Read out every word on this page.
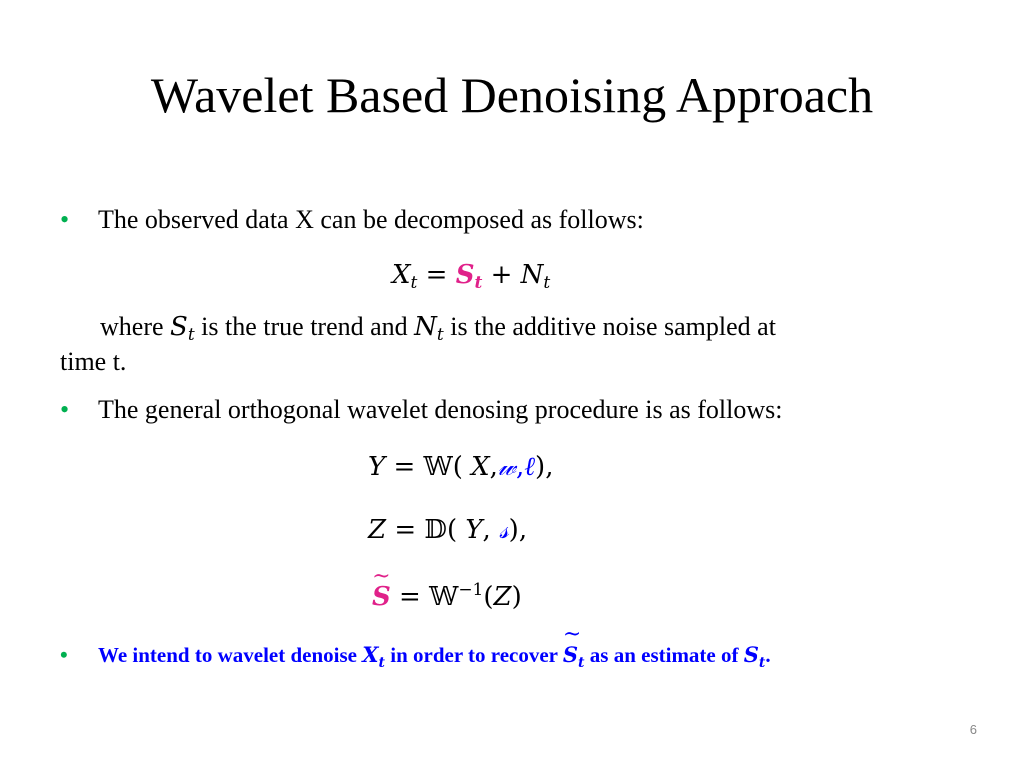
Wavelet Based Denoising Approach
• The observed data X can be decomposed as follows:
$X_t = S_t + N_t$
where $S_t$ is the true trend and $N_t$ is the additive noise sampled at
time t.
• The general orthogonal wavelet denosing procedure is as follows:
Y = 𝕎( X,𝓌,ℓ),
Z = 𝔻( Y, 𝓈),
~ S = 𝕎$^{-1}$(Z)
• We intend to wavelet denoise $X_t$ in order to recover ~ $S_t$ as an estimate of $S_t$.
6
